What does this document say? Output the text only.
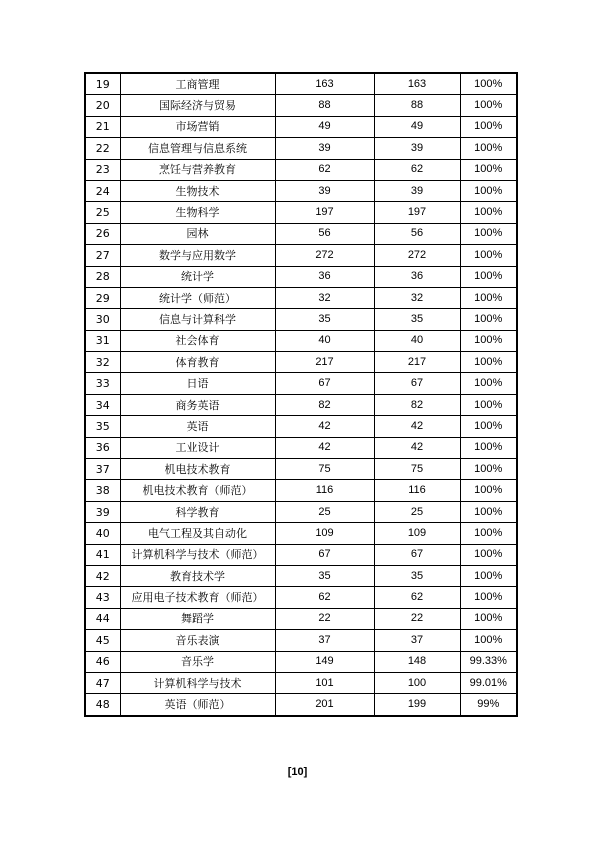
19	工商管理	163	163	100%
20	国际经济与贸易	88	88	100%
21	市场营销	49	49	100%
22	信息管理与信息系统	39	39	100%
23	烹饪与营养教育	62	62	100%
24	生物技术	39	39	100%
25	生物科学	197	197	100%
26	园林	56	56	100%
27	数学与应用数学	272	272	100%
28	统计学	36	36	100%
29	统计学（师范）	32	32	100%
30	信息与计算科学	35	35	100%
31	社会体育	40	40	100%
32	体育教育	217	217	100%
33	日语	67	67	100%
34	商务英语	82	82	100%
35	英语	42	42	100%
36	工业设计	42	42	100%
37	机电技术教育	75	75	100%
38	机电技术教育（师范）	116	116	100%
39	科学教育	25	25	100%
40	电气工程及其自动化	109	109	100%
41	计算机科学与技术（师范）	67	67	100%
42	教育技术学	35	35	100%
43	应用电子技术教育（师范）	62	62	100%
44	舞蹈学	22	22	100%
45	音乐表演	37	37	100%
46	音乐学	149	148	99.33%
47	计算机科学与技术	101	100	99.01%
48	英语（师范）	201	199	99%
[10]
